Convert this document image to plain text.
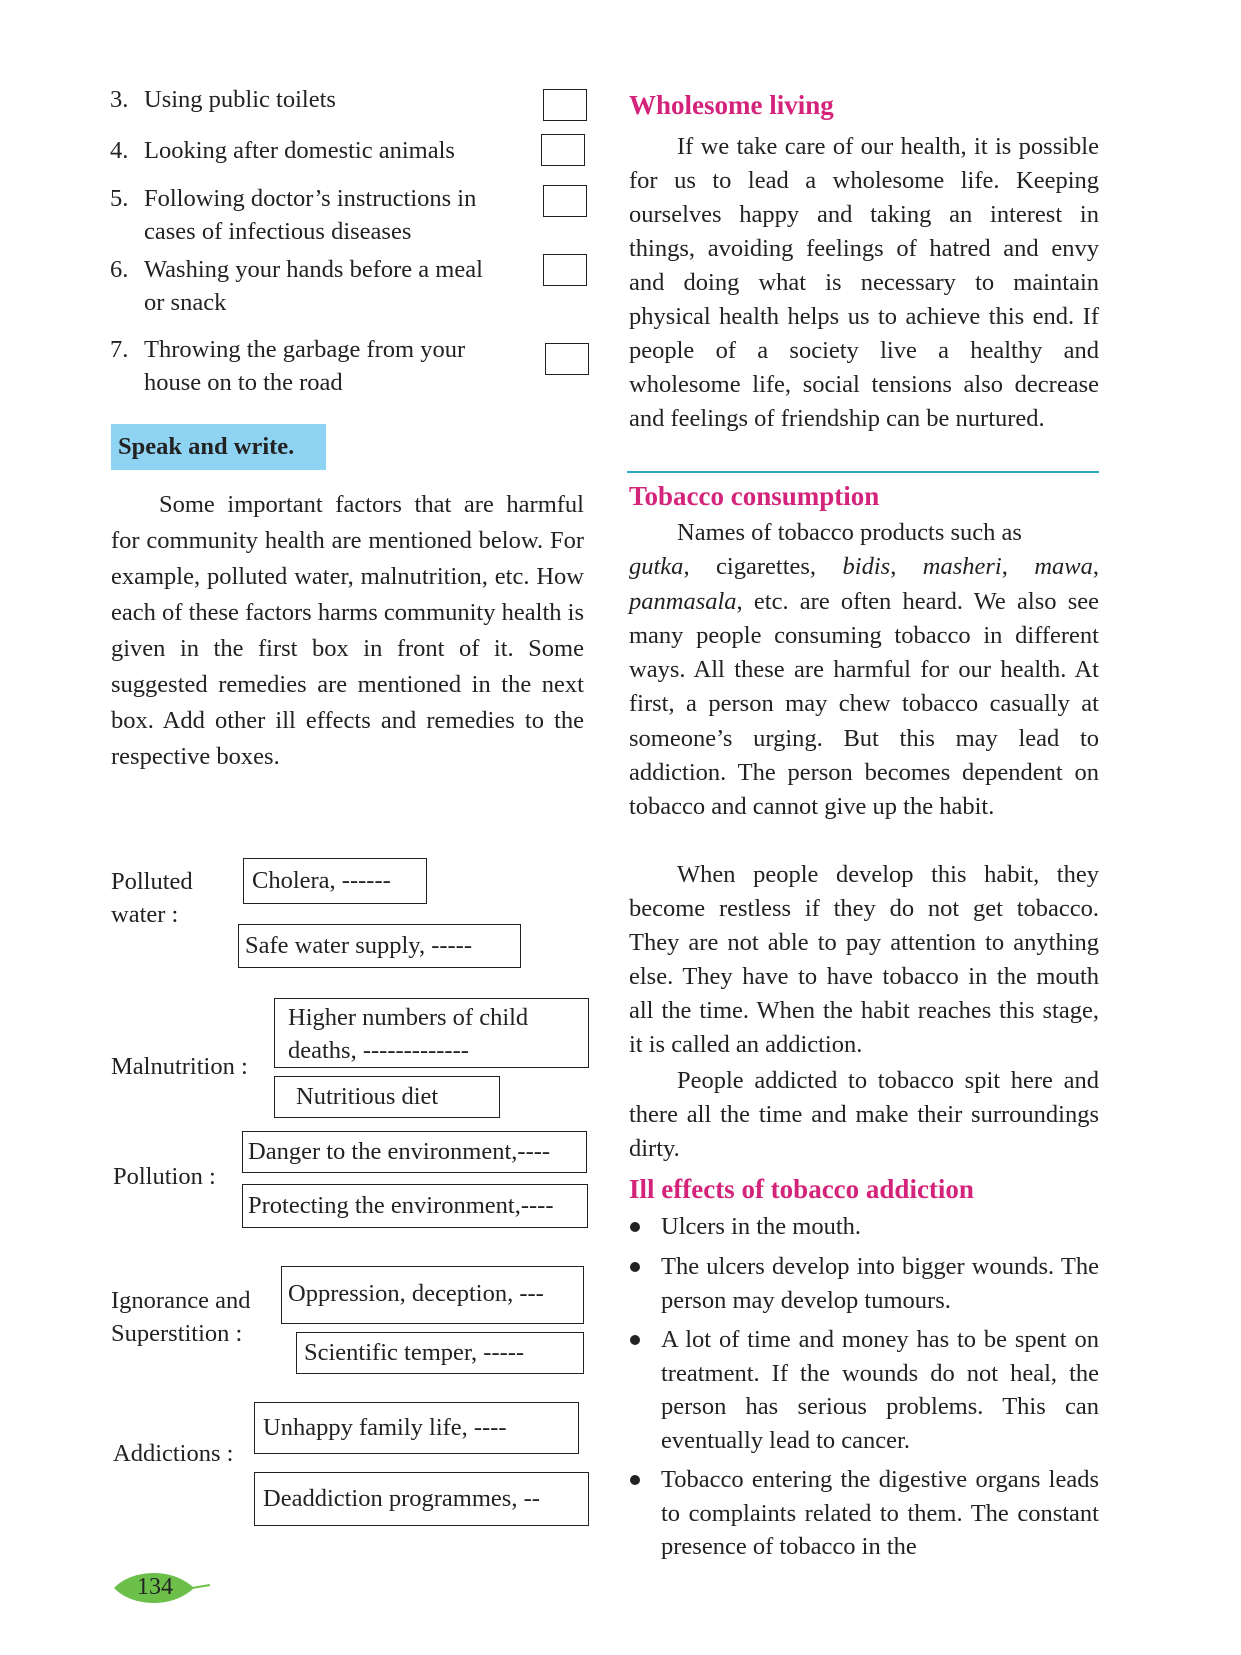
3. Using public toilets
4. Looking after domestic animals
5. Following doctor’s instructions in cases of infectious diseases
6. Washing your hands before a meal or snack
7. Throwing the garbage from your house on to the road
Speak and write.
Some important factors that are harmful for community health are mentioned below. For example, polluted water, malnutrition, etc. How each of these factors harms community health is given in the first box in front of it. Some suggested remedies are mentioned in the next box. Add other ill effects and remedies to the respective boxes.
Polluted
water :
Cholera, ------
Safe water supply, -----
Malnutrition :
Higher numbers of child
deaths, -------------
Nutritious diet
Pollution :
Danger to the environment,----
Protecting the environment,----
Ignorance and
Superstition :
Oppression, deception, ---
Scientific temper, -----
Addictions :
Unhappy family life, ----
Deaddiction programmes, --
Wholesome living
If we take care of our health, it is possible for us to lead a wholesome life. Keeping ourselves happy and taking an interest in things, avoiding feelings of hatred and envy and doing what is necessary to maintain physical health helps us to achieve this end. If people of a society live a healthy and wholesome life, social tensions also decrease and feelings of friendship can be nurtured.
Tobacco consumption
Names of tobacco products such as
gutka, cigarettes, bidis, masheri, mawa, panmasala, etc. are often heard. We also see many people consuming tobacco in different ways. All these are harmful for our health. At first, a person may chew tobacco casually at someone’s urging. But this may lead to addiction. The person becomes dependent on tobacco and cannot give up the habit.
When people develop this habit, they become restless if they do not get tobacco. They are not able to pay attention to anything else. They have to have tobacco in the mouth all the time. When the habit reaches this stage, it is called an addiction.
People addicted to tobacco spit here and there all the time and make their surroundings dirty.
Ill effects of tobacco addiction
Ulcers in the mouth.
The ulcers develop into bigger wounds. The person may develop tumours.
A lot of time and money has to be spent on treatment. If the wounds do not heal, the person has serious problems. This can eventually lead to cancer.
Tobacco entering the digestive organs leads to complaints related to them. The constant presence of tobacco in the
134
